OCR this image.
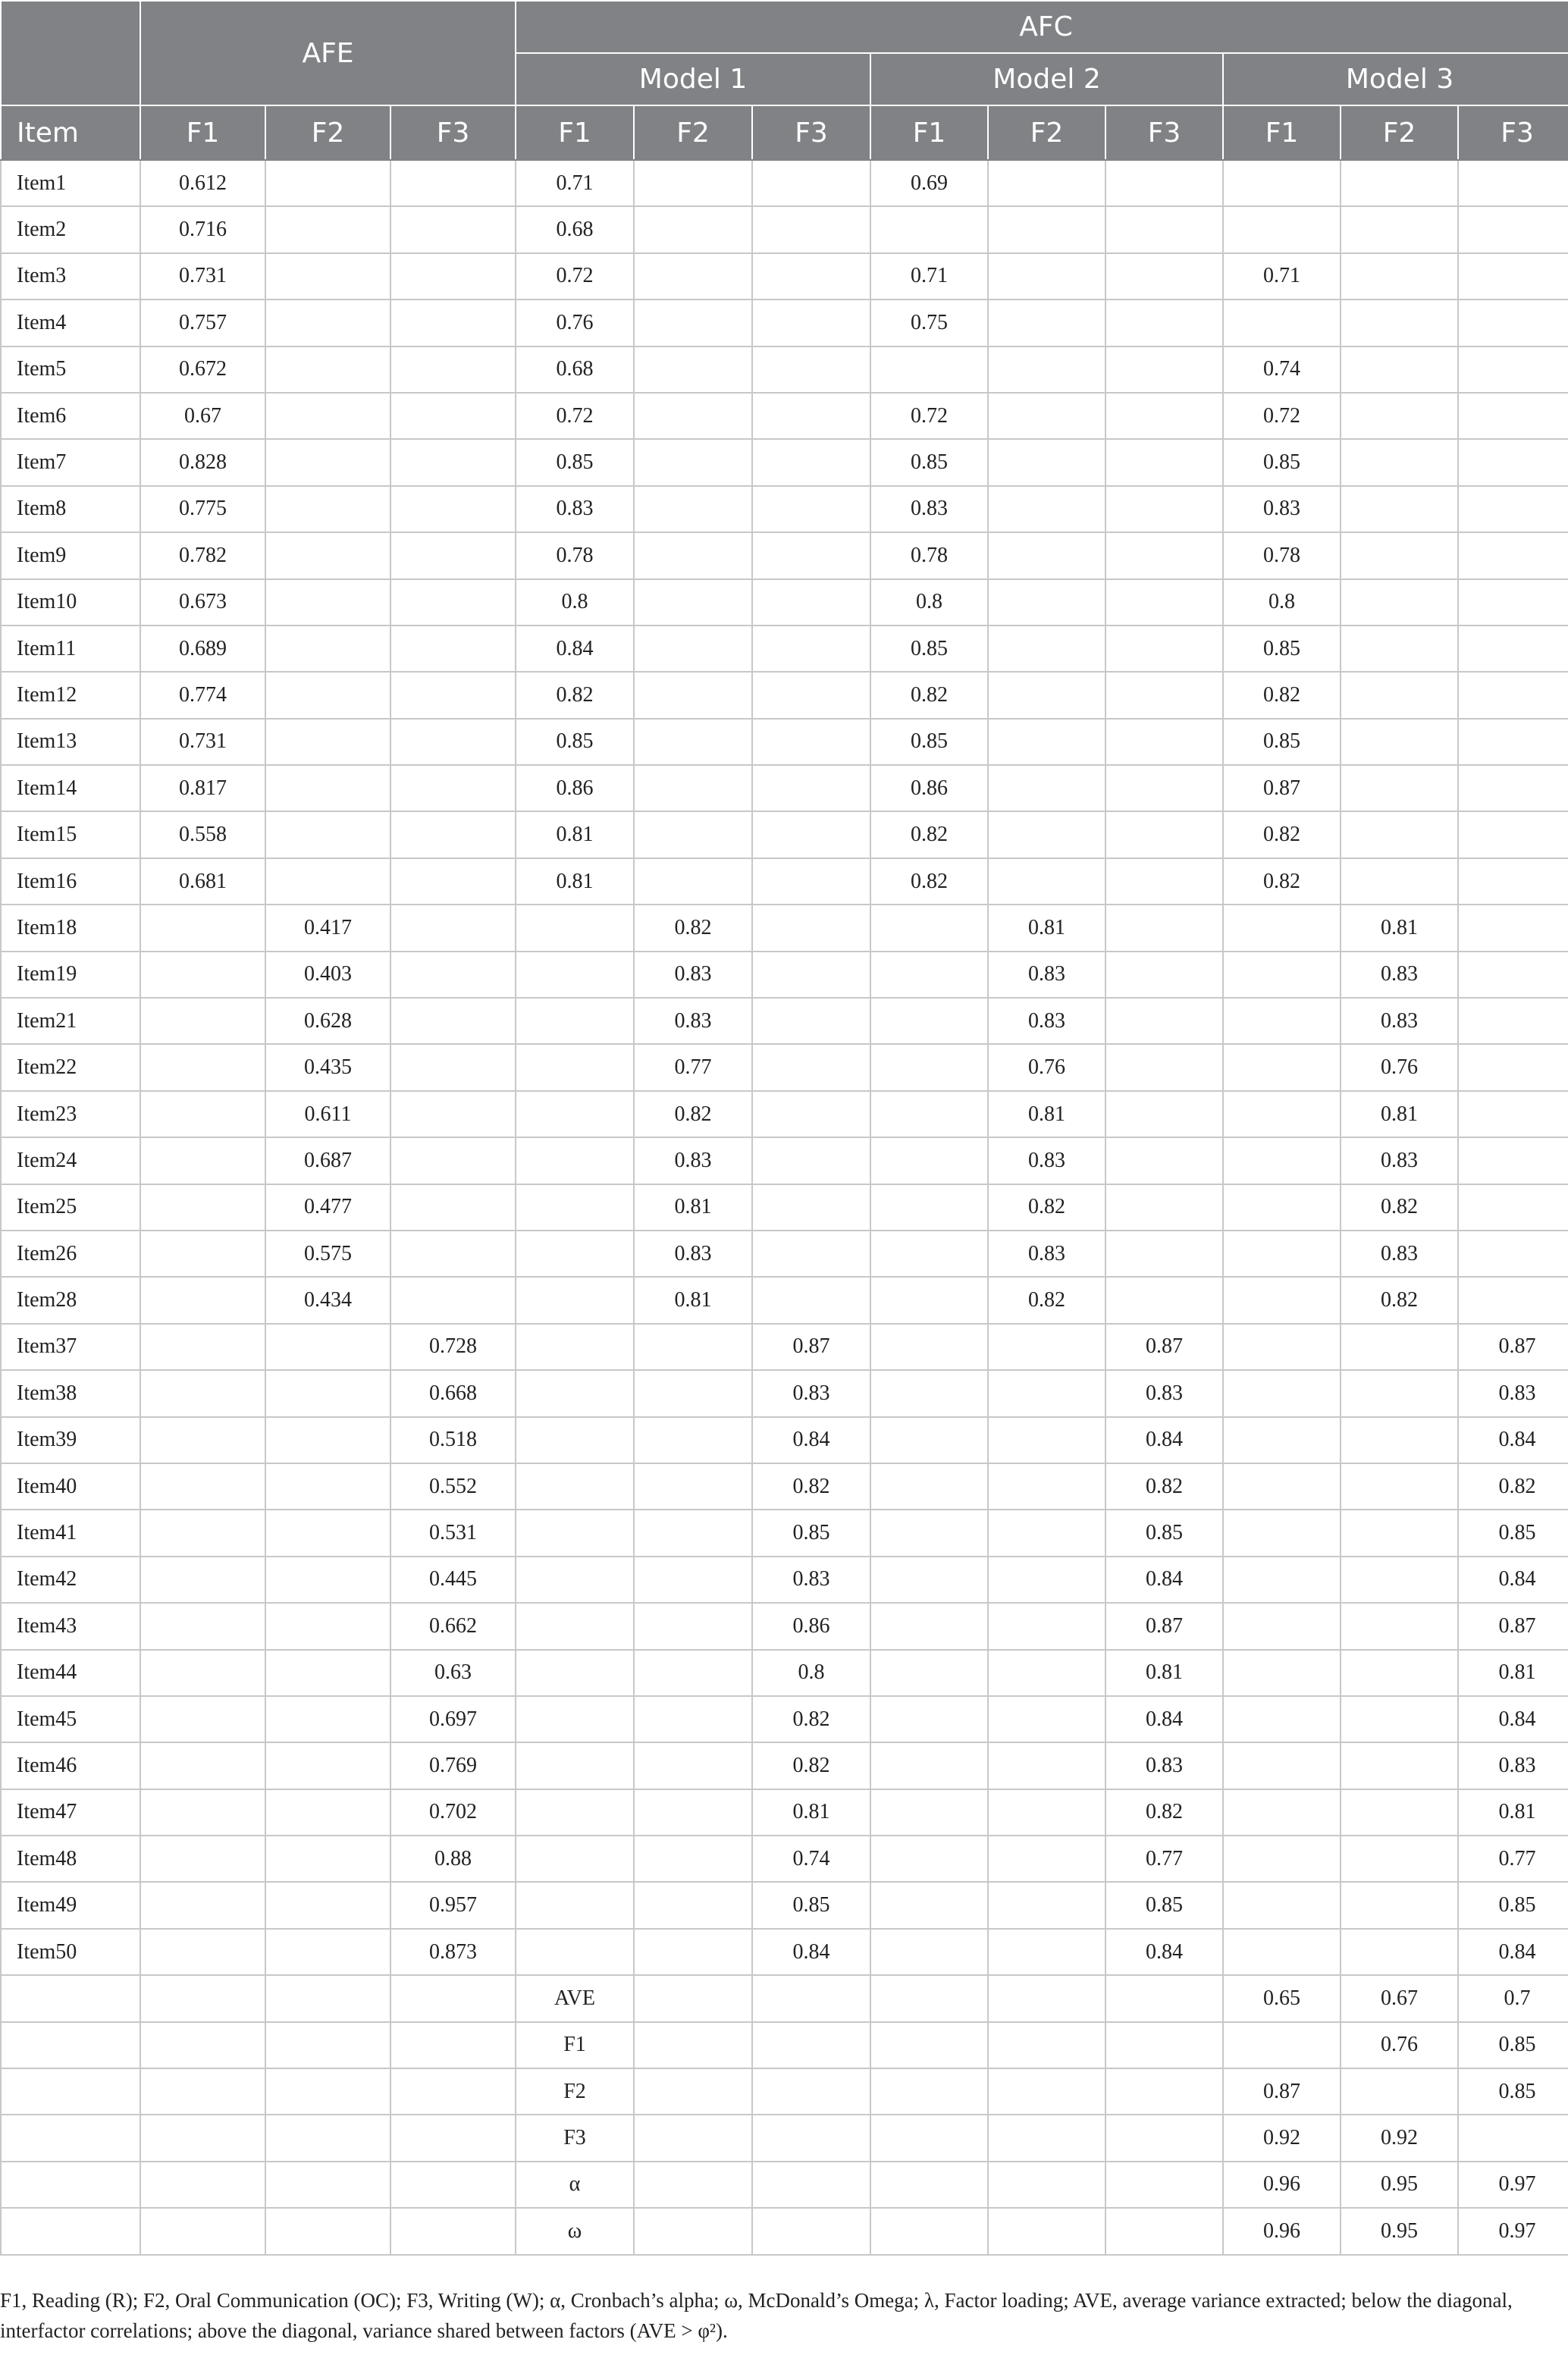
	AFE			AFC								
				Model 1			Model 2			Model 3		
Item	F1	F2	F3	F1	F2	F3	F1	F2	F3	F1	F2	F3
Item1	0.612			0.71			0.69					
Item2	0.716			0.68								
Item3	0.731			0.72			0.71			0.71		
Item4	0.757			0.76			0.75					
Item5	0.672			0.68						0.74		
Item6	0.67			0.72			0.72			0.72		
Item7	0.828			0.85			0.85			0.85		
Item8	0.775			0.83			0.83			0.83		
Item9	0.782			0.78			0.78			0.78		
Item10	0.673			0.8			0.8			0.8		
Item11	0.689			0.84			0.85			0.85		
Item12	0.774			0.82			0.82			0.82		
Item13	0.731			0.85			0.85			0.85		
Item14	0.817			0.86			0.86			0.87		
Item15	0.558			0.81			0.82			0.82		
Item16	0.681			0.81			0.82			0.82		
Item18		0.417			0.82			0.81			0.81	
Item19		0.403			0.83			0.83			0.83	
Item21		0.628			0.83			0.83			0.83	
Item22		0.435			0.77			0.76			0.76	
Item23		0.611			0.82			0.81			0.81	
Item24		0.687			0.83			0.83			0.83	
Item25		0.477			0.81			0.82			0.82	
Item26		0.575			0.83			0.83			0.83	
Item28		0.434			0.81			0.82			0.82	
Item37			0.728			0.87			0.87			0.87
Item38			0.668			0.83			0.83			0.83
Item39			0.518			0.84			0.84			0.84
Item40			0.552			0.82			0.82			0.82
Item41			0.531			0.85			0.85			0.85
Item42			0.445			0.83			0.84			0.84
Item43			0.662			0.86			0.87			0.87
Item44			0.63			0.8			0.81			0.81
Item45			0.697			0.82			0.84			0.84
Item46			0.769			0.82			0.83			0.83
Item47			0.702			0.81			0.82			0.81
Item48			0.88			0.74			0.77			0.77
Item49			0.957			0.85			0.85			0.85
Item50			0.873			0.84			0.84			0.84
				AVE						0.65	0.67	0.7
				F1							0.76	0.85
				F2						0.87		0.85
				F3						0.92	0.92	
				α						0.96	0.95	0.97
				ω						0.96	0.95	0.97

F1, Reading (R); F2, Oral Communication (OC); F3, Writing (W); α, Cronbach’s alpha; ω, McDonald’s Omega; λ, Factor loading; AVE, average variance extracted; below the diagonal, interfactor correlations; above the diagonal, variance shared between factors (AVE > φ²).
